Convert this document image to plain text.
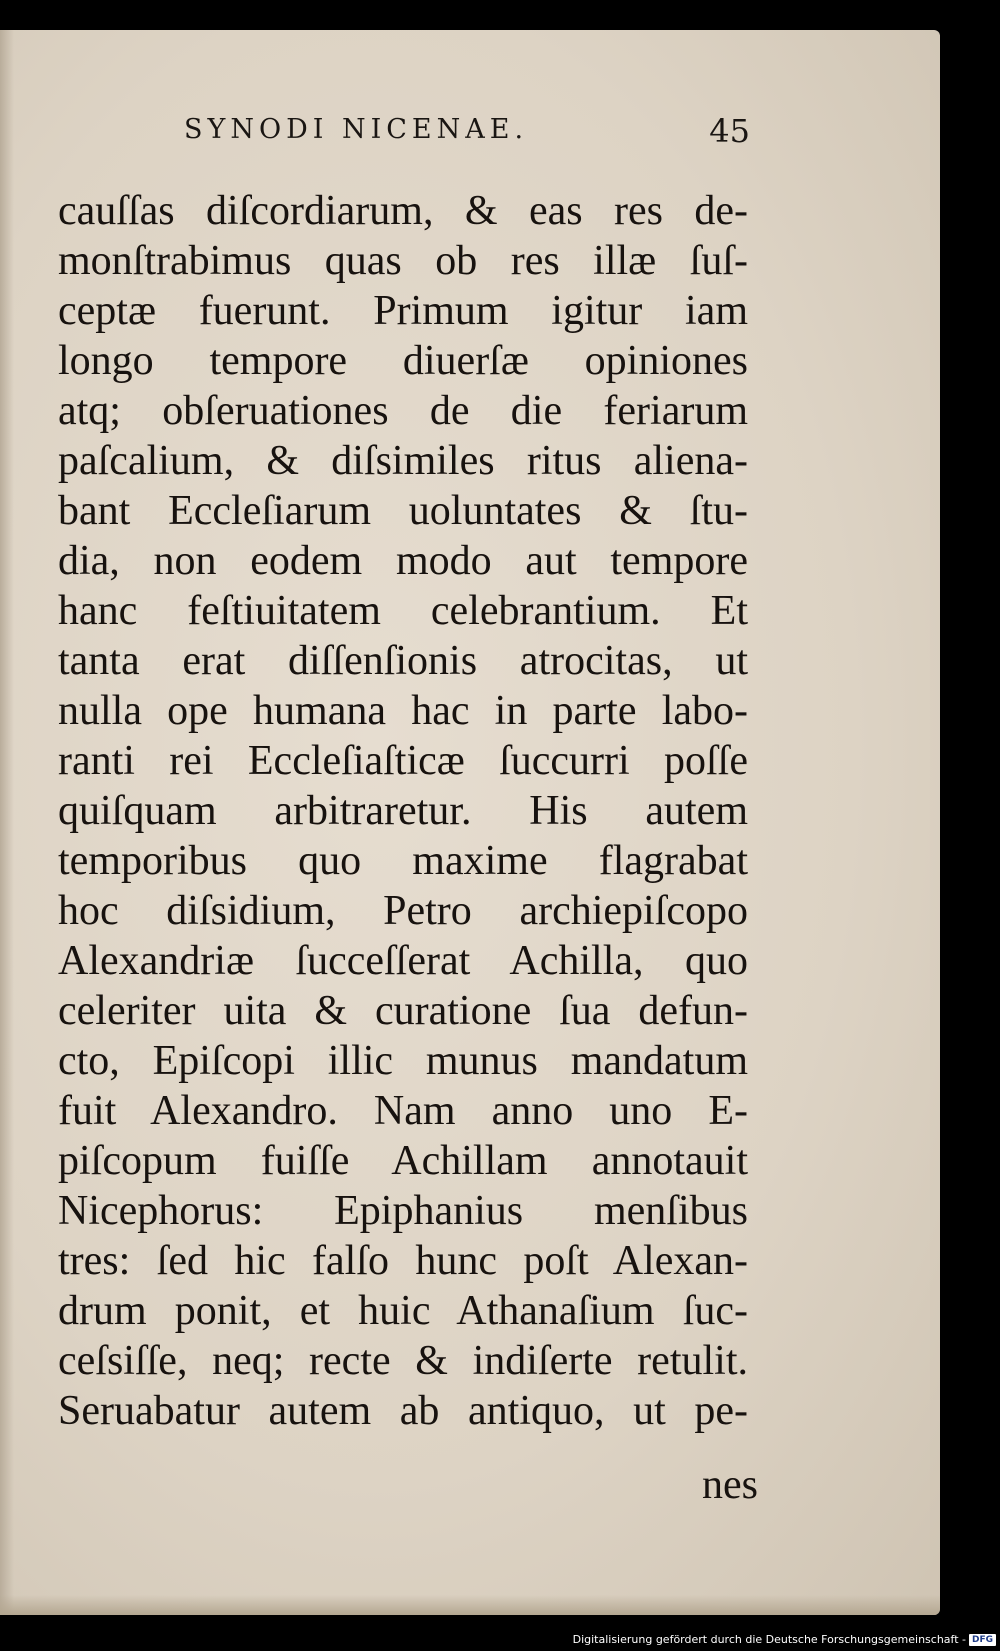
SYNODI NICENAE.	45
cauſſas diſcordiarum, & eas res de-
monſtrabimus quas ob res illæ ſuſ-
ceptæ fuerunt. Primum igitur iam
longo tempore diuerſæ opiniones
atq; obſeruationes de die feriarum
paſcalium, & diſsimiles ritus aliena-
bant Eccleſiarum uoluntates & ſtu-
dia, non eodem modo aut tempore
hanc feſtiuitatem celebrantium. Et
tanta erat diſſenſionis atrocitas, ut
nulla ope humana hac in parte labo-
ranti rei Eccleſiaſticæ ſuccurri poſſe
quiſquam arbitraretur. His autem
temporibus quo maxime flagrabat
hoc diſsidium, Petro archiepiſcopo
Alexandriæ ſucceſſerat Achilla, quo
celeriter uita & curatione ſua defun-
cto, Epiſcopi illic munus mandatum
fuit Alexandro. Nam anno uno E-
piſcopum fuiſſe Achillam annotauit
Nicephorus: Epiphanius menſibus
tres: ſed hic falſo hunc poſt Alexan-
drum ponit, et huic Athanaſium ſuc-
ceſsiſſe, neq; recte & indiſerte retulit.
Seruabatur autem ab antiquo, ut pe-
nes
Digitalisierung gefördert durch die Deutsche Forschungsgemeinschaft - DFG
